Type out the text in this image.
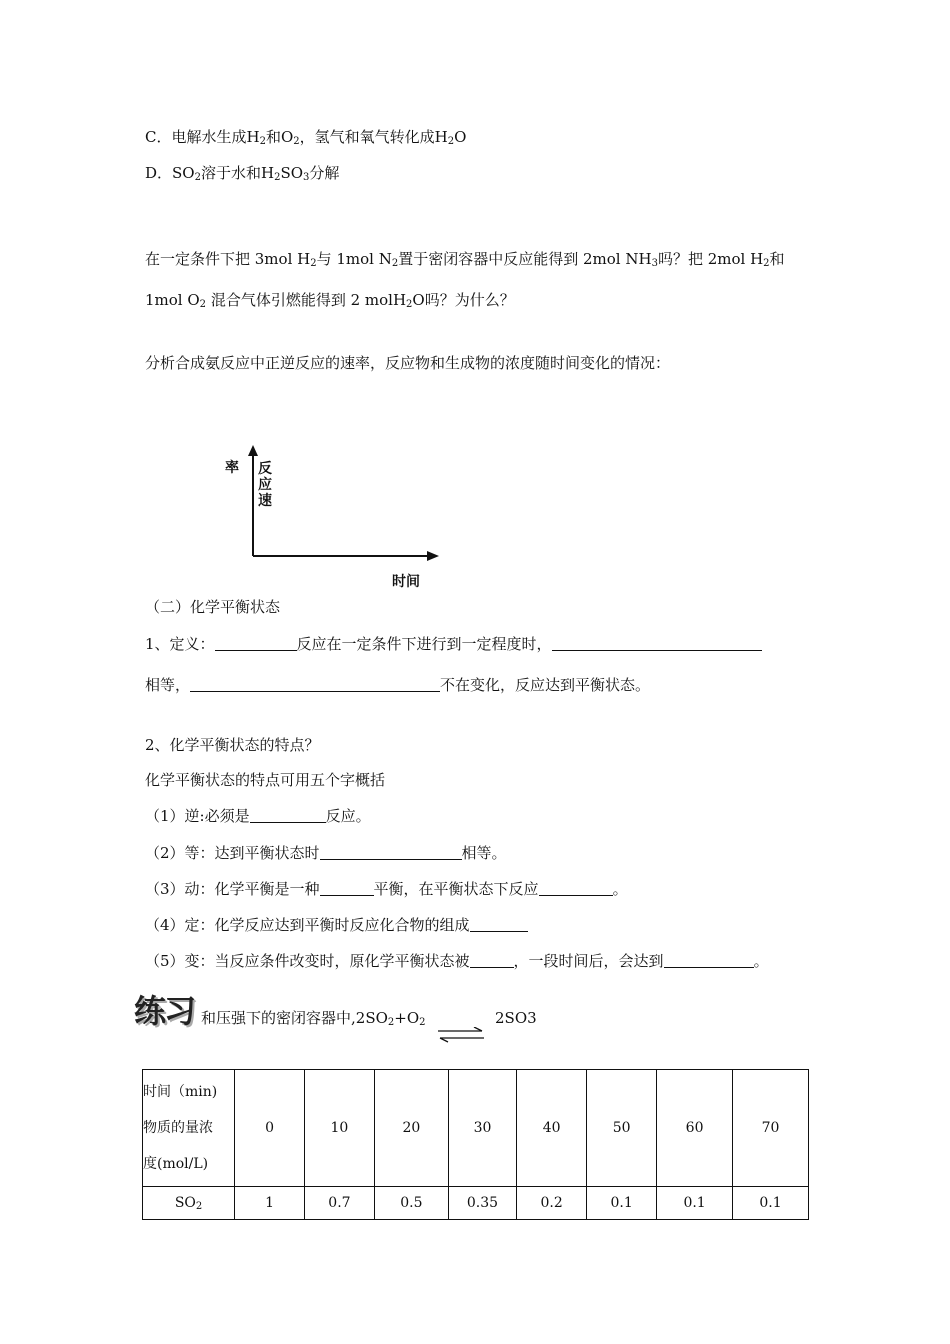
C．电解水生成$H_2$和$O_2$，氢气和氧气转化成$H_2O$
D．$SO_2$溶于水和$H_2SO_3$分解
在一定条件下把 3mol $H_2$与 1mol $N_2$置于密闭容器中反应能得到 2mol $NH_3$吗？把 2mol $H_2$和
1mol $O_2$ 混合气体引燃能得到 2 molH$_2$O吗？为什么？
分析合成氨反应中正逆反应的速率，反应物和生成物的浓度随时间变化的情况：
率 反
应
速
时间
（二）化学平衡状态
1、定义：	反应在一定条件下进行到一定程度时，
相等，	不在变化，反应达到平衡状态。
2、化学平衡状态的特点？
化学平衡状态的特点可用五个字概括
（1）逆:必须是	反应。
（2）等：达到平衡状态时	相等。
（3）动：化学平衡是一种	平衡，在平衡状态下反应	。
（4）定：化学反应达到平衡时反应化合物的组成
（5）变：当反应条件改变时，原化学平衡状态被	，一段时间后，会达到	。
练习 和压强下的密闭容器中$,2SO_2+O_2$	2SO3
时间（min)
物质的量浓
度(mol/L)	0	10	20	30	40	50	60	70
$SO_2$	1	0.7	0.5	0.35	0.2	0.1	0.1	0.1
